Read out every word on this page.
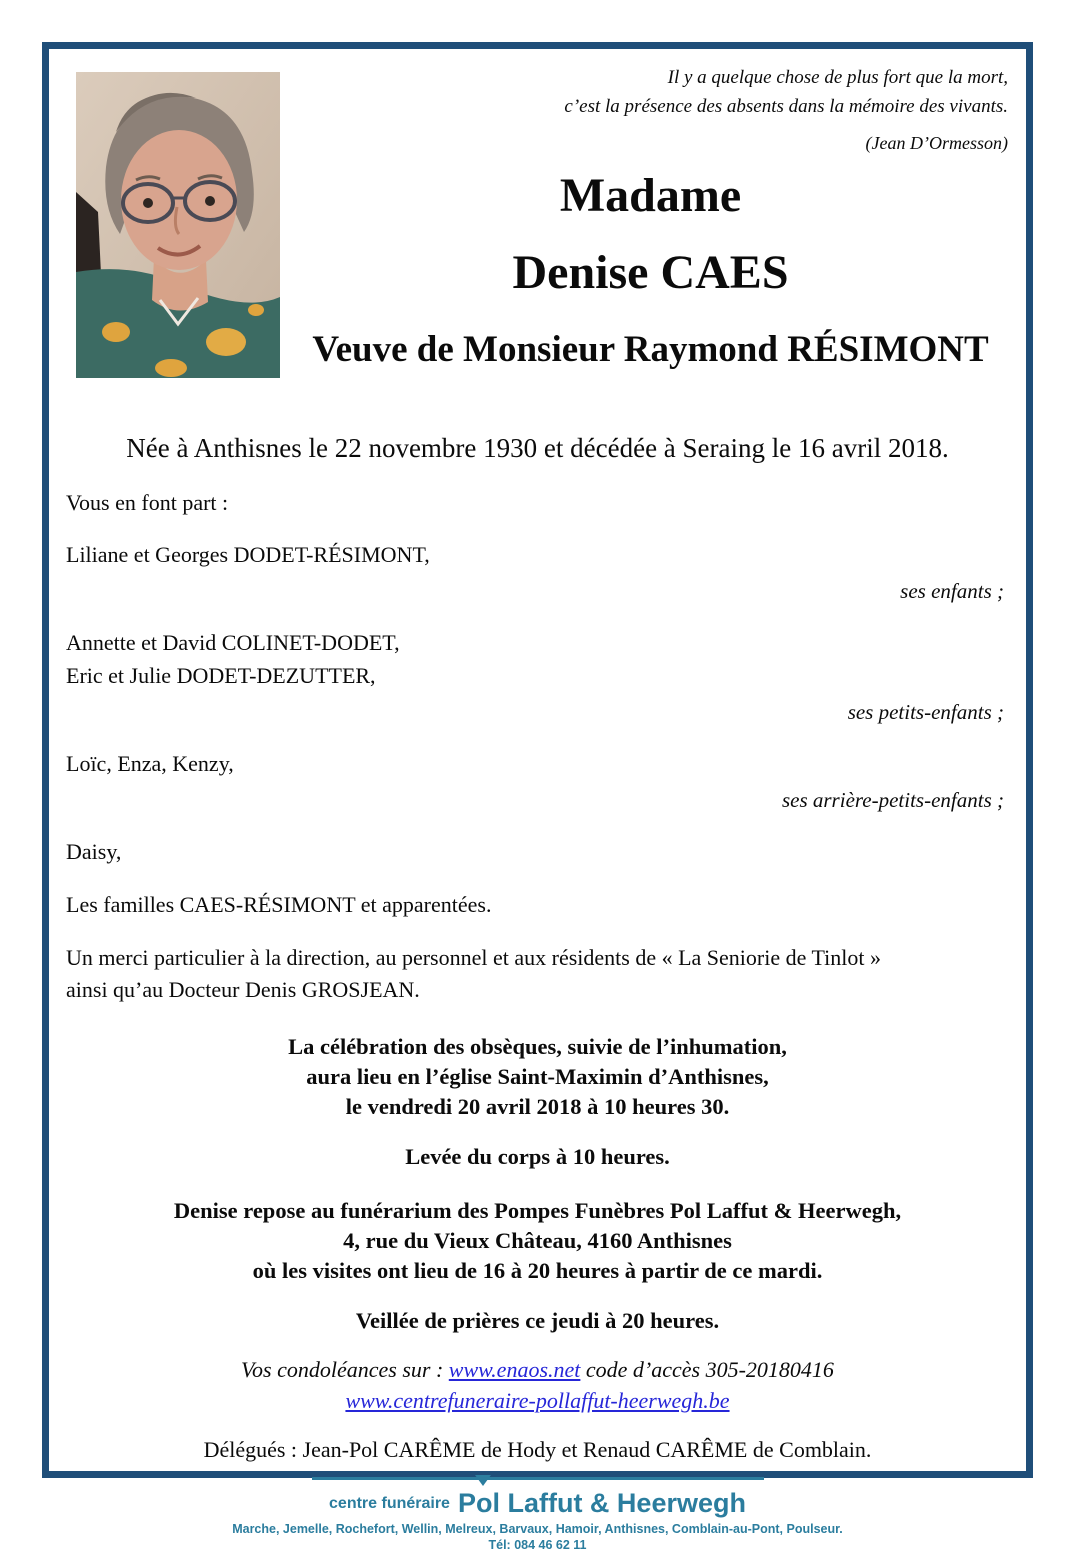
Il y a quelque chose de plus fort que la mort,
c’est la présence des absents dans la mémoire des vivants.
(Jean D’Ormesson)
Madame
Denise CAES
Veuve de Monsieur Raymond RÉSIMONT
Née à Anthisnes le 22 novembre 1930 et décédée à Seraing le 16 avril 2018.

Vous en font part :

Liliane et Georges DODET-RÉSIMONT,

ses enfants ;

Annette et David COLINET-DODET,
Eric et Julie DODET-DEZUTTER,

ses petits-enfants ;

Loïc, Enza, Kenzy,

ses arrière-petits-enfants ;

Daisy,

Les familles CAES-RÉSIMONT et apparentées.

Un merci particulier à la direction, au personnel et aux résidents de « La Seniorie de Tinlot »
ainsi qu’au Docteur Denis GROSJEAN.

La célébration des obsèques, suivie de l’inhumation,
aura lieu en l’église Saint-Maximin d’Anthisnes,
le vendredi 20 avril 2018 à 10 heures 30.
Levée du corps à 10 heures.
Denise repose au funérarium des Pompes Funèbres Pol Laffut & Heerwegh,
4, rue du Vieux Château, 4160 Anthisnes
où les visites ont lieu de 16 à 20 heures à partir de ce mardi.
Veillée de prières ce jeudi à 20 heures.
Vos condoléances sur : www.enaos.net code d’accès 305-20180416
www.centrefuneraire-pollaffut-heerwegh.be
Délégués : Jean-Pol CARÊME de Hody et Renaud CARÊME de Comblain.
centre funéraire Pol Laffut & Heerwegh
Marche, Jemelle, Rochefort, Wellin, Melreux, Barvaux, Hamoir, Anthisnes, Comblain-au-Pont, Poulseur.
Tél: 084 46 62 11
